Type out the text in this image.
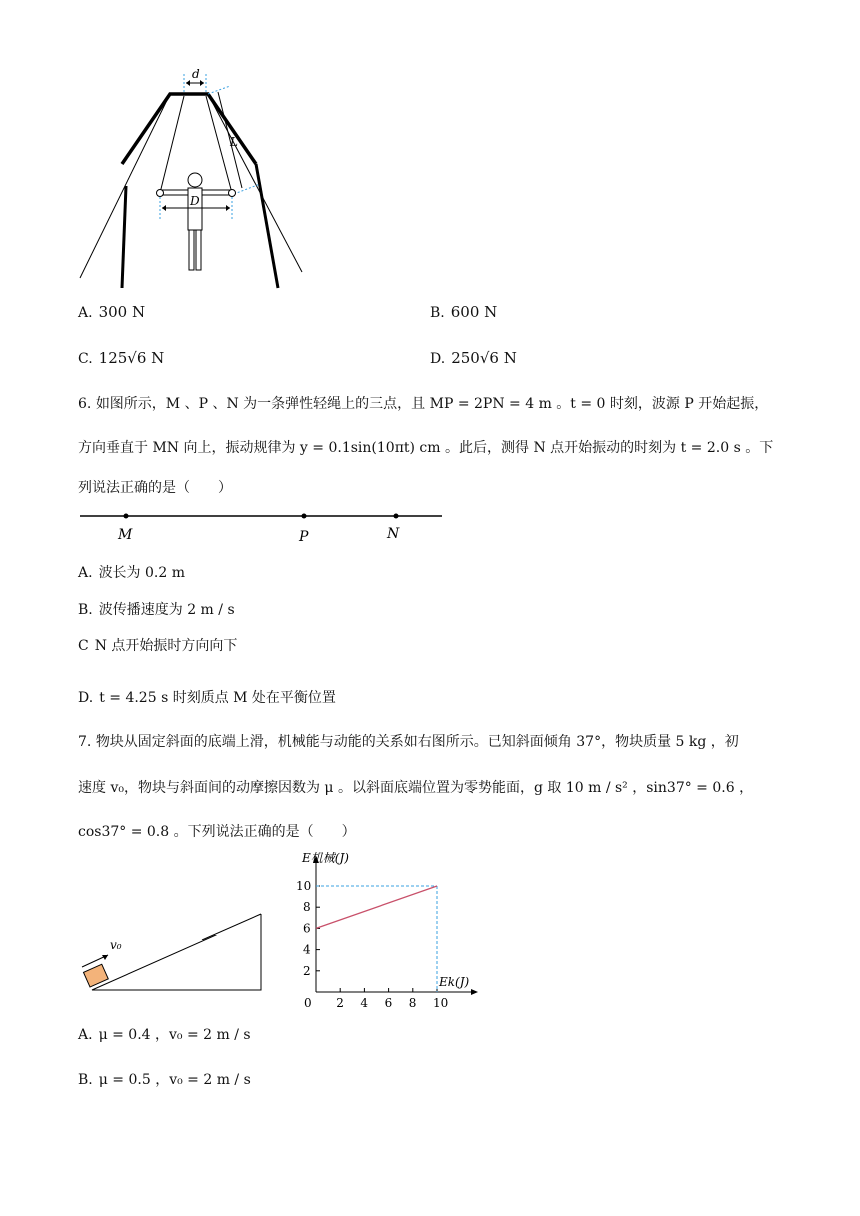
d
L
D
A. 300 N	B. 600 N
C. 125√6 N	D. 250√6 N
6. 如图所示，M 、P 、N 为一条弹性轻绳上的三点，且 MP = 2PN = 4 m 。t = 0 时刻，波源 P 开始起振，
方向垂直于 MN 向上，振动规律为 y = 0.1sin(10πt) cm 。此后，测得 N 点开始振动的时刻为 t = 2.0 s 。下
列说法正确的是（　　）
M	P	N
A. 波长为 0.2 m
B. 波传播速度为 2 m / s
C N 点开始振时方向向下
D. t = 4.25 s 时刻质点 M 处在平衡位置
7. 物块从固定斜面的底端上滑，机械能与动能的关系如右图所示。已知斜面倾角 37°，物块质量 5 kg ，初
速度 v₀，物块与斜面间的动摩擦因数为 μ 。以斜面底端位置为零势能面，g 取 10 m / s² ，sin37° = 0.6 ，
cos37° = 0.8 。下列说法正确的是（　　）
v₀
2 4 6 8 10
2
4
6
8
10
0
E机械(J)
Ek(J)
A. μ = 0.4 ，v₀ = 2 m / s
B. μ = 0.5 ，v₀ = 2 m / s
